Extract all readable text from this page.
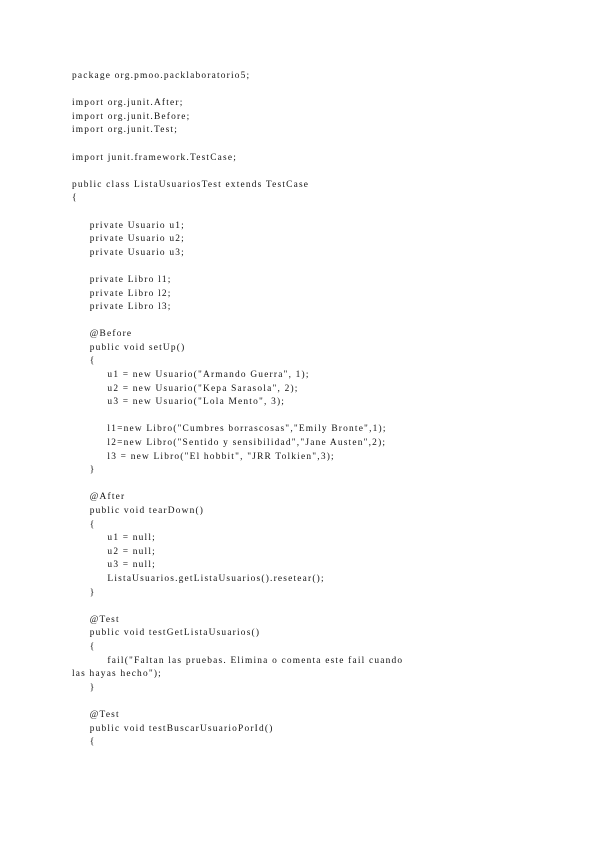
package org.pmoo.packlaboratorio5;
import org.junit.After;
import org.junit.Before;
import org.junit.Test;
import junit.framework.TestCase;
public class ListaUsuariosTest extends TestCase
{
private Usuario u1;
private Usuario u2;
private Usuario u3;
private Libro l1;
private Libro l2;
private Libro l3;
@Before
public void setUp()
{
u1 = new Usuario("Armando Guerra", 1);
u2 = new Usuario("Kepa Sarasola", 2);
u3 = new Usuario("Lola Mento", 3);
l1=new Libro("Cumbres borrascosas","Emily Bronte",1);
l2=new Libro("Sentido y sensibilidad","Jane Austen",2);
l3 = new Libro("El hobbit", "JRR Tolkien",3);
}
@After
public void tearDown()
{
u1 = null;
u2 = null;
u3 = null;
ListaUsuarios.getListaUsuarios().resetear();
}
@Test
public void testGetListaUsuarios()
{
fail("Faltan las pruebas. Elimina o comenta este fail cuando
las hayas hecho");
}
@Test
public void testBuscarUsuarioPorId()
{
